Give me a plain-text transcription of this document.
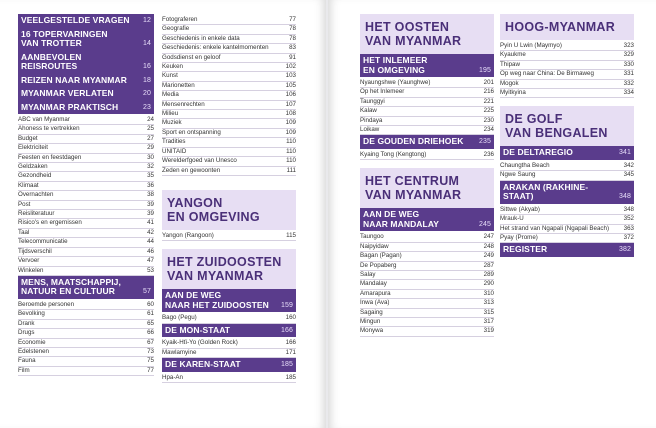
VEELGESTELDE VRAGEN	12
16 TOPERVARINGEN
VAN TROTTER	14
AANBEVOLEN REISROUTES	16
REIZEN NAAR MYANMAR	18
MYANMAR VERLATEN	20
MYANMAR PRAKTISCH	23
ABC van Myanmar	24
Ahoness te vertrekken	25
Budget	27
Elektriciteit	29
Feesten en feestdagen	30
Geldzaken	32
Gezondheid	35
Klimaat	36
Overnachten	38
Post	39
Reisliteratuur	39
Risico's en ergernissen	41
Taal	42
Telecommunicatie	44
Tijdsverschil	46
Vervoer	47
Winkelen	53
MENS, MAATSCHAPPIJ,
NATUUR EN CULTUUR	57
Beroemde personen	60
Bevolking	61
Drank	65
Drugs	66
Economie	67
Edelstenen	73
Fauna	75
Film	77
Fotograferen	77
Geografie	78
Geschiedenis in enkele data	78
Geschiedenis: enkele kantelmomenten	83
Godsdienst en geloof	91
Keuken	102
Kunst	103
Marionetten	105
Media	106
Mensenrechten	107
Milieu	108
Muziek	109
Sport en ontspanning	109
Tradities	110
UNITAID	110
Werelderfgoed van Unesco	110
Zeden en gewoonten	111
YANGON
EN OMGEVING
Yangon (Rangoon)	115
HET ZUIDOOSTEN
VAN MYANMAR
AAN DE WEG
NAAR HET ZUIDOOSTEN	159
Bago (Pegu)	160
DE MON-STAAT	166
Kyaik-Htï-Yo (Golden Rock)	166
Mawlamyine	171
DE KAREN-STAAT	185
Hpa-An	185
HET OOSTEN
VAN MYANMAR
HET INLEMEER
EN OMGEVING	195
Nyaungshwe (Yaunghwe)	201
Op het Inlemeer	216
Taunggyi	221
Kalaw	225
Pindaya	230
Loikaw	234
DE GOUDEN DRIEHOEK	235
Kyaing Tong (Kengtong)	236
HET CENTRUM
VAN MYANMAR
AAN DE WEG
NAAR MANDALAY	245
Taungoo	247
Naipyidaw	248
Bagan (Pagan)	249
De Popaberg	287
Salay	289
Mandalay	290
Amarapura	310
Inwa (Ava)	313
Sagaing	315
Mingun	317
Monywa	319
HOOG-MYANMAR
Pyin U Lwin (Maymyo)	323
Kyaukme	329
Thipaw	330
Op weg naar China: De Birmaweg	331
Mogok	332
Myitkyina	334
DE GOLF
VAN BENGALEN
DE DELTAREGIO	341
Chaungtha Beach	342
Ngwe Saung	345
ARAKAN (RAKHINE-STAAT)	348
Sittwe (Akyab)	348
Mrauk-U	352
Het strand van Ngapali (Ngapali Beach)	363
Pyay (Prome)	372
REGISTER	382
